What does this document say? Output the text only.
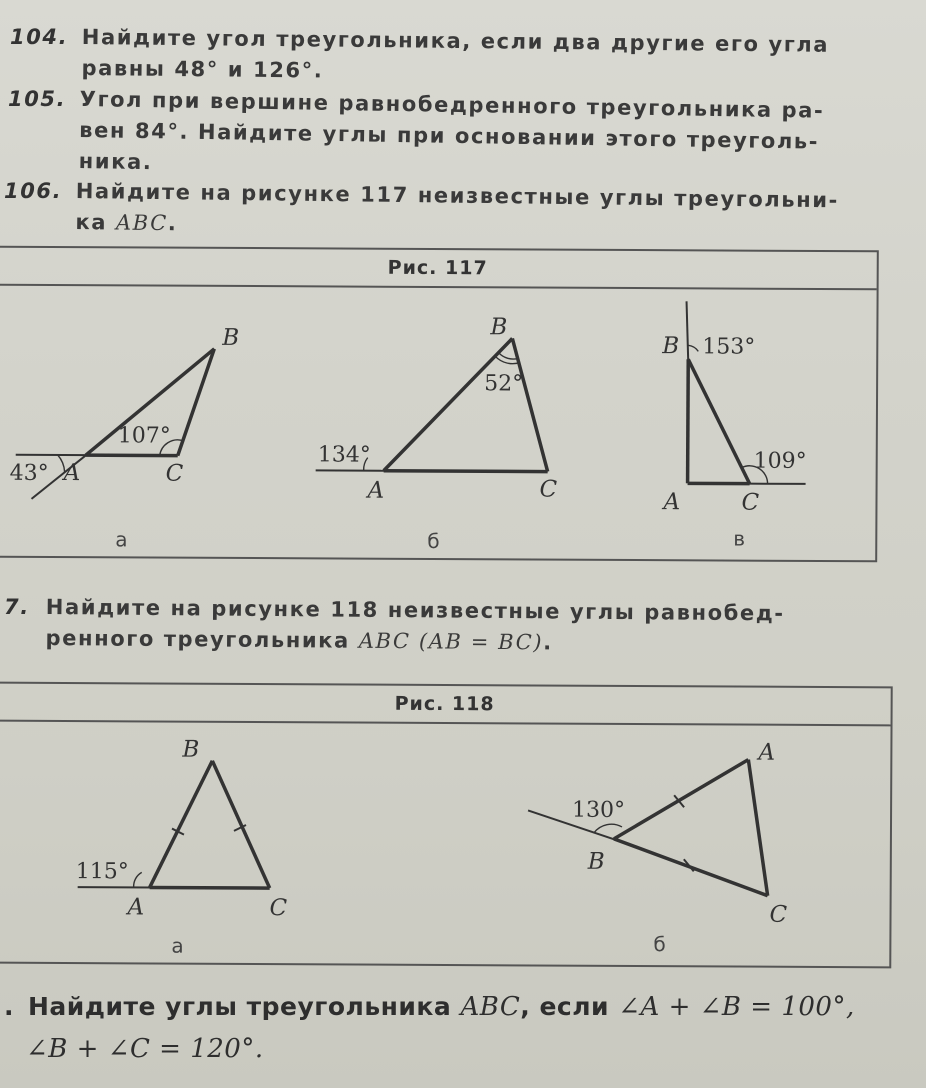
104. Найдите угол треугольника, если два другие его угла
равны 48° и 126°.
105. Угол при вершине равнобедренного треугольника ра-
вен 84°. Найдите углы при основании этого треуголь-
ника.
106. Найдите на рисунке 117 неизвестные углы треугольни-
ка ABC.
Рис. 117
B
A	C
43°
107°
а
B
A	C
134°
52°
б
B
A	C
153°
109°
в
7. Найдите на рисунке 118 неизвестные углы равнобед-
ренного треугольника ABC (AB = BC).
Рис. 118
B
A	C
115°
а
A
B
C
130°
б
. Найдите углы треугольника ABC, если ∠A + ∠B = 100°,
∠B + ∠C = 120°.
